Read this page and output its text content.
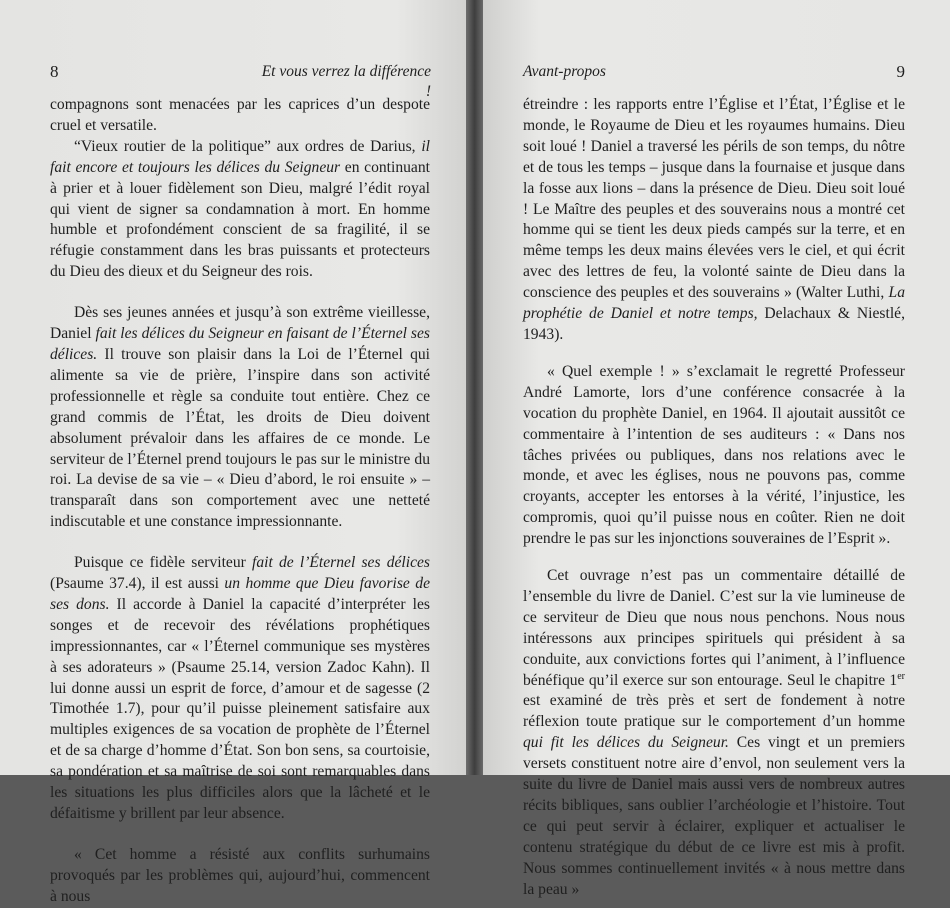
8	Et vous verrez la différence !

compagnons sont menacées par les caprices d’un despote cruel et versatile.

“Vieux routier de la politique” aux ordres de Darius, il fait encore et toujours les délices du Seigneur en continuant à prier et à louer fidèlement son Dieu, malgré l’édit royal qui vient de signer sa condamnation à mort. En homme humble et profondément conscient de sa fragilité, il se réfugie constamment dans les bras puissants et protecteurs du Dieu des dieux et du Seigneur des rois.

Dès ses jeunes années et jusqu’à son extrême vieillesse, Daniel fait les délices du Seigneur en faisant de l’Éternel ses délices. Il trouve son plaisir dans la Loi de l’Éternel qui alimente sa vie de prière, l’inspire dans son activité professionnelle et règle sa conduite tout entière. Chez ce grand commis de l’État, les droits de Dieu doivent absolument prévaloir dans les affaires de ce monde. Le serviteur de l’Éternel prend toujours le pas sur le ministre du roi. La devise de sa vie – « Dieu d’abord, le roi ensuite » – transparaît dans son comportement avec une netteté indiscutable et une constance impressionnante.

Puisque ce fidèle serviteur fait de l’Éternel ses délices (Psaume 37.4), il est aussi un homme que Dieu favorise de ses dons. Il accorde à Daniel la capacité d’interpréter les songes et de recevoir des révélations prophétiques impressionnantes, car « l’Éternel communique ses mystères à ses adorateurs » (Psaume 25.14, version Zadoc Kahn). Il lui donne aussi un esprit de force, d’amour et de sagesse (2 Timothée 1.7), pour qu’il puisse pleinement satisfaire aux multiples exigences de sa vocation de prophète de l’Éternel et de sa charge d’homme d’État. Son bon sens, sa courtoisie, sa pondération et sa maîtrise de soi sont remarquables dans les situations les plus difficiles alors que la lâcheté et le défaitisme y brillent par leur absence.

« Cet homme a résisté aux conflits surhumains provoqués par les problèmes qui, aujourd’hui, commencent à nous

Avant-propos	9

étreindre : les rapports entre l’Église et l’État, l’Église et le monde, le Royaume de Dieu et les royaumes humains. Dieu soit loué ! Daniel a traversé les périls de son temps, du nôtre et de tous les temps – jusque dans la fournaise et jusque dans la fosse aux lions – dans la présence de Dieu. Dieu soit loué ! Le Maître des peuples et des souverains nous a montré cet homme qui se tient les deux pieds campés sur la terre, et en même temps les deux mains élevées vers le ciel, et qui écrit avec des lettres de feu, la volonté sainte de Dieu dans la conscience des peuples et des souverains » (Walter Luthi, La prophétie de Daniel et notre temps, Delachaux & Niestlé, 1943).

« Quel exemple ! » s’exclamait le regretté Professeur André Lamorte, lors d’une conférence consacrée à la vocation du prophète Daniel, en 1964. Il ajoutait aussitôt ce commentaire à l’intention de ses auditeurs : « Dans nos tâches privées ou publiques, dans nos relations avec le monde, et avec les églises, nous ne pouvons pas, comme croyants, accepter les entorses à la vérité, l’injustice, les compromis, quoi qu’il puisse nous en coûter. Rien ne doit prendre le pas sur les injonctions souveraines de l’Esprit ».

Cet ouvrage n’est pas un commentaire détaillé de l’ensemble du livre de Daniel. C’est sur la vie lumineuse de ce serviteur de Dieu que nous nous penchons. Nous nous intéressons aux principes spirituels qui président à sa conduite, aux convictions fortes qui l’animent, à l’influence bénéfique qu’il exerce sur son entourage. Seul le chapitre 1er est examiné de très près et sert de fondement à notre réflexion toute pratique sur le comportement d’un homme qui fit les délices du Seigneur. Ces vingt et un premiers versets constituent notre aire d’envol, non seulement vers la suite du livre de Daniel mais aussi vers de nombreux autres récits bibliques, sans oublier l’archéologie et l’histoire. Tout ce qui peut servir à éclairer, expliquer et actualiser le contenu stratégique du début de ce livre est mis à profit. Nous sommes continuellement invités « à nous mettre dans la peau »
